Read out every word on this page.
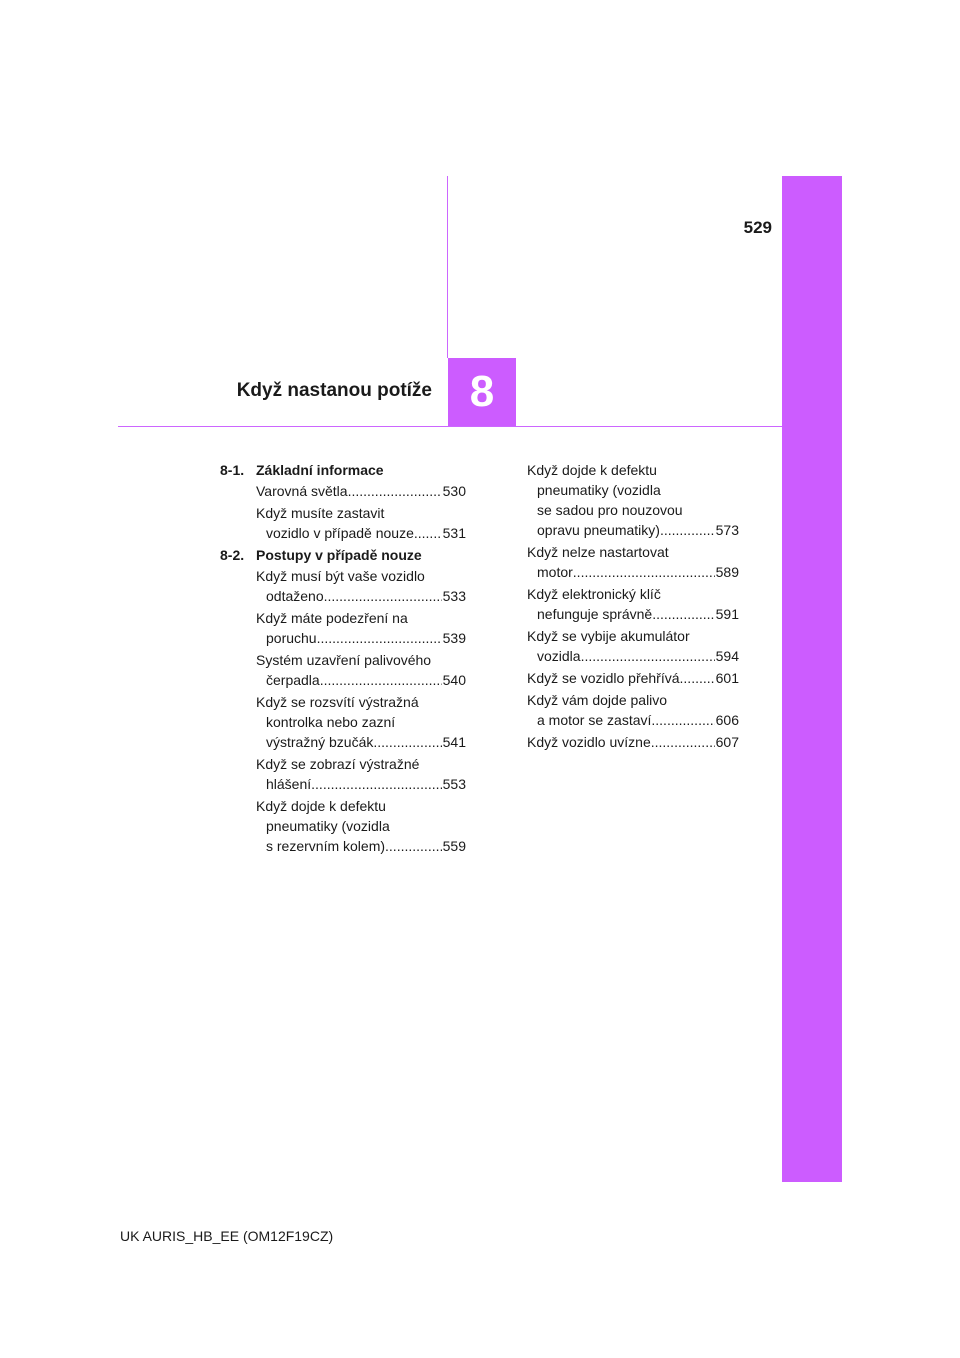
529
8
Když nastanou potíže
8-1. Základní informace
Varovná světla .....	530
Když musíte zastavit
vozidlo v případě nouze ..... 531
8-2. Postupy v případě nouze
Když musí být vaše vozidlo
odtaženo .....	533
Když máte podezření na
poruchu .....	539
Systém uzavření palivového
čerpadla .....	540
Když se rozsvítí výstražná
kontrolka nebo zazní
výstražný bzučák .....	541
Když se zobrazí výstražné
hlášení .....	553
Když dojde k defektu
pneumatiky (vozidla
s rezervním kolem) .....	559
Když dojde k defektu
pneumatiky (vozidla
se sadou pro nouzovou
opravu pneumatiky) .....	573
Když nelze nastartovat
motor .....	589
Když elektronický klíč
nefunguje správně .....	591
Když se vybije akumulátor
vozidla .....	594
Když se vozidlo přehřívá .....	601
Když vám dojde palivo
a motor se zastaví .....	606
Když vozidlo uvízne .....	607
UK AURIS_HB_EE (OM12F19CZ)
